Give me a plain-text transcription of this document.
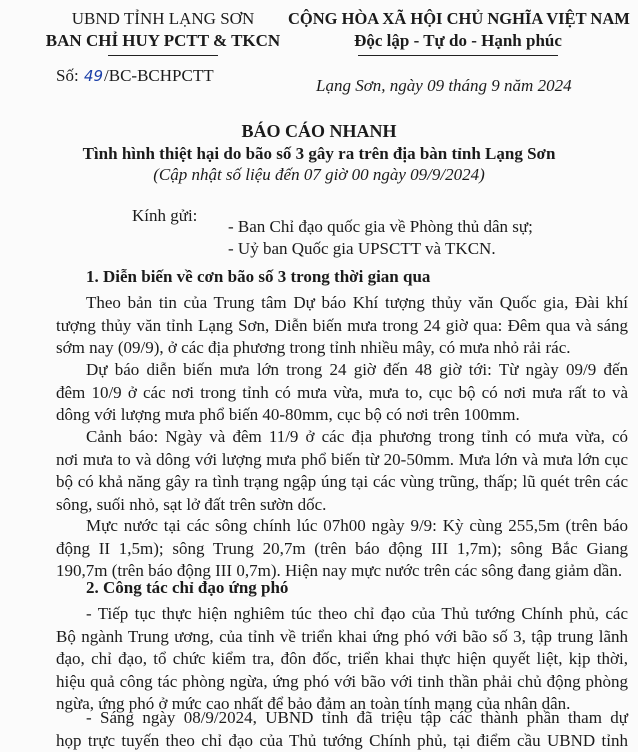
UBND TỈNH LẠNG SƠN
BAN CHỈ HUY PCTT & TKCN
CỘNG HÒA XÃ HỘI CHỦ NGHĨA VIỆT NAM
Độc lập - Tự do - Hạnh phúc
Số: 49/BC-BCHPCTT
Lạng Sơn, ngày 09 tháng 9 năm 2024
BÁO CÁO NHANH
Tình hình thiệt hại do bão số 3 gây ra trên địa bàn tỉnh Lạng Sơn
(Cập nhật số liệu đến 07 giờ 00 ngày 09/9/2024)
Kính gửi:
- Ban Chỉ đạo quốc gia về Phòng thủ dân sự;
- Uỷ ban Quốc gia UPSCTT và TKCN.
1. Diễn biến về cơn bão số 3 trong thời gian qua
Theo bản tin của Trung tâm Dự báo Khí tượng thủy văn Quốc gia, Đài khí
tượng thủy văn tỉnh Lạng Sơn, Diễn biến mưa trong 24 giờ qua: Đêm qua và sáng
sớm nay (09/9), ở các địa phương trong tỉnh nhiều mây, có mưa nhỏ rải rác.
Dự báo diễn biến mưa lớn trong 24 giờ đến 48 giờ tới: Từ ngày 09/9 đến
đêm 10/9 ở các nơi trong tỉnh có mưa vừa, mưa to, cục bộ có nơi mưa rất to và
dông với lượng mưa phổ biến 40-80mm, cục bộ có nơi trên 100mm.
Cảnh báo: Ngày và đêm 11/9 ở các địa phương trong tỉnh có mưa vừa, có
nơi mưa to và dông với lượng mưa phổ biến từ 20-50mm. Mưa lớn và mưa lớn cục
bộ có khả năng gây ra tình trạng ngập úng tại các vùng trũng, thấp; lũ quét trên các
sông, suối nhỏ, sạt lở đất trên sườn dốc.
Mực nước tại các sông chính lúc 07h00 ngày 9/9: Kỳ cùng 255,5m (trên báo
động II 1,5m); sông Trung 20,7m (trên báo động III 1,7m); sông Bắc Giang
190,7m (trên báo động III 0,7m). Hiện nay mực nước trên các sông đang giảm dần.
2. Công tác chỉ đạo ứng phó
- Tiếp tục thực hiện nghiêm túc theo chỉ đạo của Thủ tướng Chính phủ, các
Bộ ngành Trung ương, của tỉnh về triển khai ứng phó với bão số 3, tập trung lãnh
đạo, chỉ đạo, tổ chức kiểm tra, đôn đốc, triển khai thực hiện quyết liệt, kịp thời,
hiệu quả công tác phòng ngừa, ứng phó với bão với tinh thần phải chủ động phòng
ngừa, ứng phó ở mức cao nhất để bảo đảm an toàn tính mạng của nhân dân.
- Sáng ngày 08/9/2024, UBND tỉnh đã triệu tập các thành phần tham dự
họp trực tuyến theo chỉ đạo của Thủ tướng Chính phủ, tại điểm cầu UBND tỉnh
